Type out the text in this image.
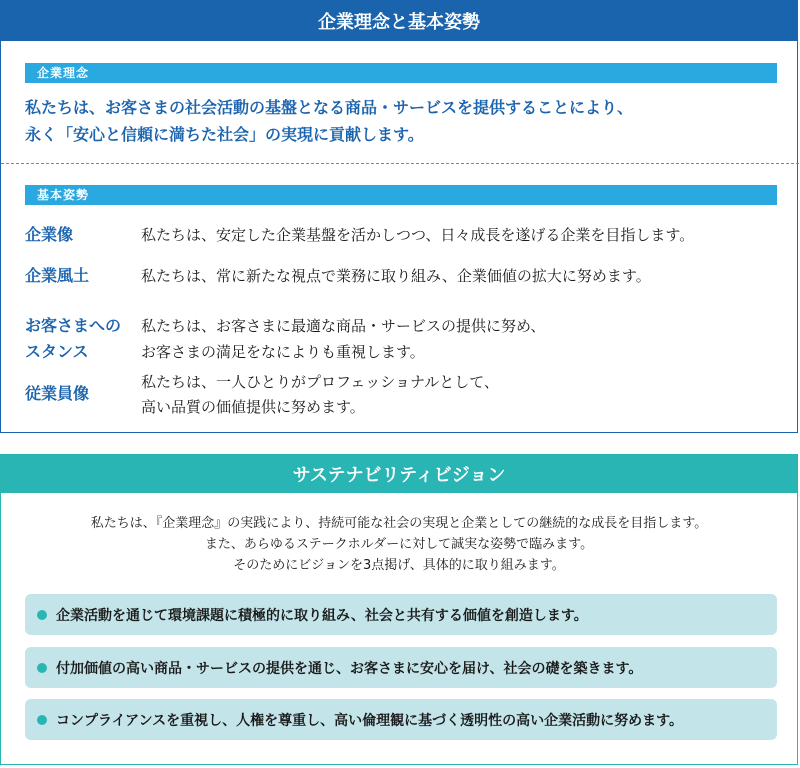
企業理念と基本姿勢
企業理念
私たちは、お客さまの社会活動の基盤となる商品・サービスを提供することにより、
永く「安心と信頼に満ちた社会」の実現に貢献します。
基本姿勢
企業像	私たちは、安定した企業基盤を活かしつつ、日々成長を遂げる企業を目指します。
企業風土	私たちは、常に新たな視点で業務に取り組み、企業価値の拡大に努めます。
お客さまへの
スタンス
私たちは、お客さまに最適な商品・サービスの提供に努め、
お客さまの満足をなによりも重視します。
従業員像
私たちは、一人ひとりがプロフェッショナルとして、
高い品質の価値提供に努めます。
サステナビリティビジョン
私たちは、『企業理念』の実践により、持続可能な社会の実現と企業としての継続的な成長を目指します。
また、あらゆるステークホルダーに対して誠実な姿勢で臨みます。
そのためにビジョンを3点掲げ、具体的に取り組みます。
企業活動を通じて環境課題に積極的に取り組み、社会と共有する価値を創造します。
付加価値の高い商品・サービスの提供を通じ、お客さまに安心を届け、社会の礎を築きます。
コンプライアンスを重視し、人権を尊重し、高い倫理観に基づく透明性の高い企業活動に努めます。
